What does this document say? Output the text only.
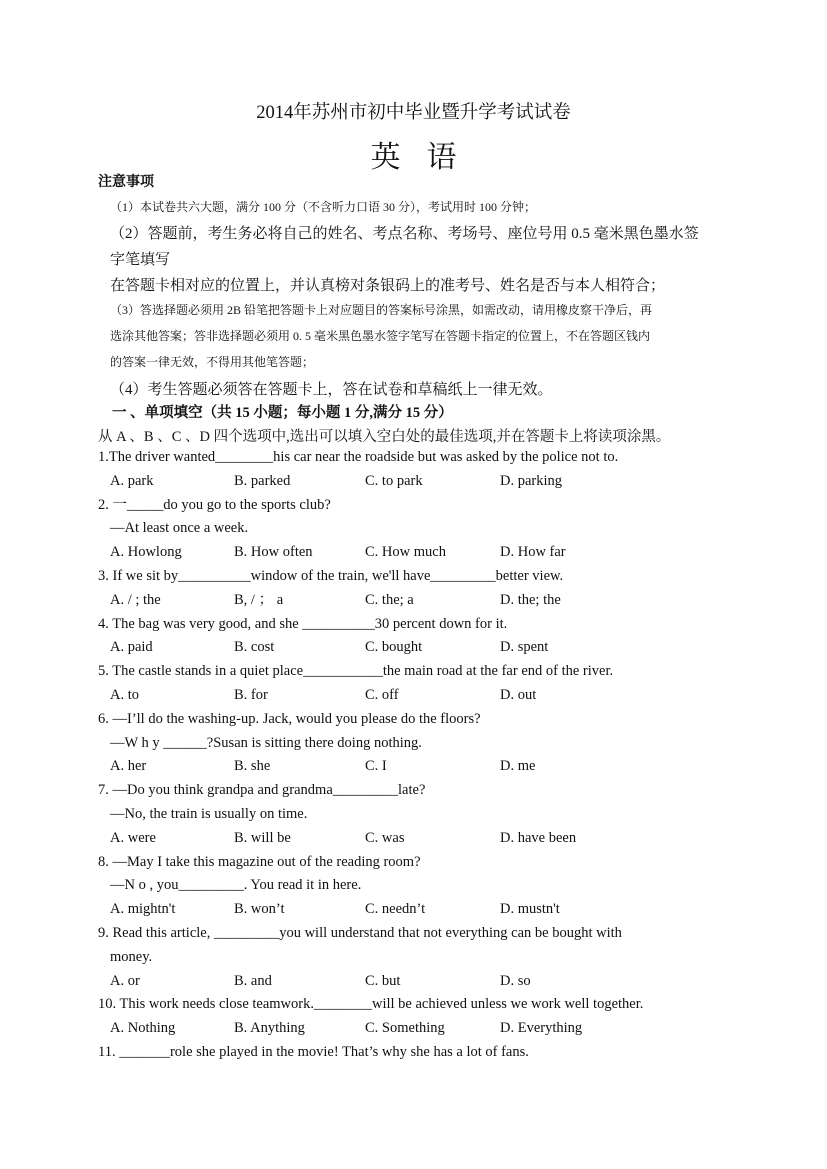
2014年苏州市初中毕业暨升学考试试卷
英语
注意事项
（1）本试卷共六大题，满分 100 分（不含听力口语 30 分），考试用时 100 分钟；
（2）答题前，考生务必将自己的姓名、考点名称、考场号、座位号用 0.5 毫米黑色墨水签
字笔填写
在答题卡相对应的位置上，并认真榜对条银码上的准考号、姓名是否与本人相符合；
（3）答选择题必须用 2B 铅笔把答题卡上对应题目的答案标号涂黑，如需改动，请用橡皮察干净后，再
选涂其他答案；答非选择题必须用 0. 5 毫米黑色墨水签字笔写在答题卡指定的位置上，不在答题区钱内
的答案一律无效，不得用其他笔答题；
（4）考生答题必须答在答题卡上，答在试卷和草稿纸上一律无效。
一 、单项填空（共 15 小题；每小题 1 分,满分 15 分）
从 A 、B 、C 、D 四个选项中,选出可以填入空白处的最佳选项,并在答题卡上将读项涂黑。
1.The driver wanted________his car near the roadside but was asked by the police not to.
A. park	B. parked	C. to park	D. parking
2. 一_____do you go to the sports club?
—At least once a week.
A. Howlong	B. How often	C. How much	D. How far
3. If we sit by__________window of the train, we'll have_________better view.
A. / ; the	B, / ； a	C. the; a	D. the; the
4. The bag was very good, and she __________30 percent down for it.
A. paid	B. cost	C. bought	D. spent
5. The castle stands in a quiet place___________the main road at the far end of the river.
A. to	B. for	C. off	D. out
6. —I’ll do the washing-up. Jack, would you please do the floors?
—W h y ______?Susan is sitting there doing nothing.
A. her	B. she	C. I	D. me
7. —Do you think grandpa and grandma_________late?
—No, the train is usually on time.
A. were	B. will be	C. was	D. have been
8. —May I take this magazine out of the reading room?
—N o , you_________. You read it in here.
A. mightn't	B. won’t	C. needn’t	D. mustn't
9. Read this article, _________you will understand that not everything can be bought with
money.
A. or	B. and	C. but	D. so
10. This work needs close teamwork.________will be achieved unless we work well together.
A. Nothing	B. Anything	C. Something	D. Everything
11. _______role she played in the movie! That’s why she has a lot of fans.
